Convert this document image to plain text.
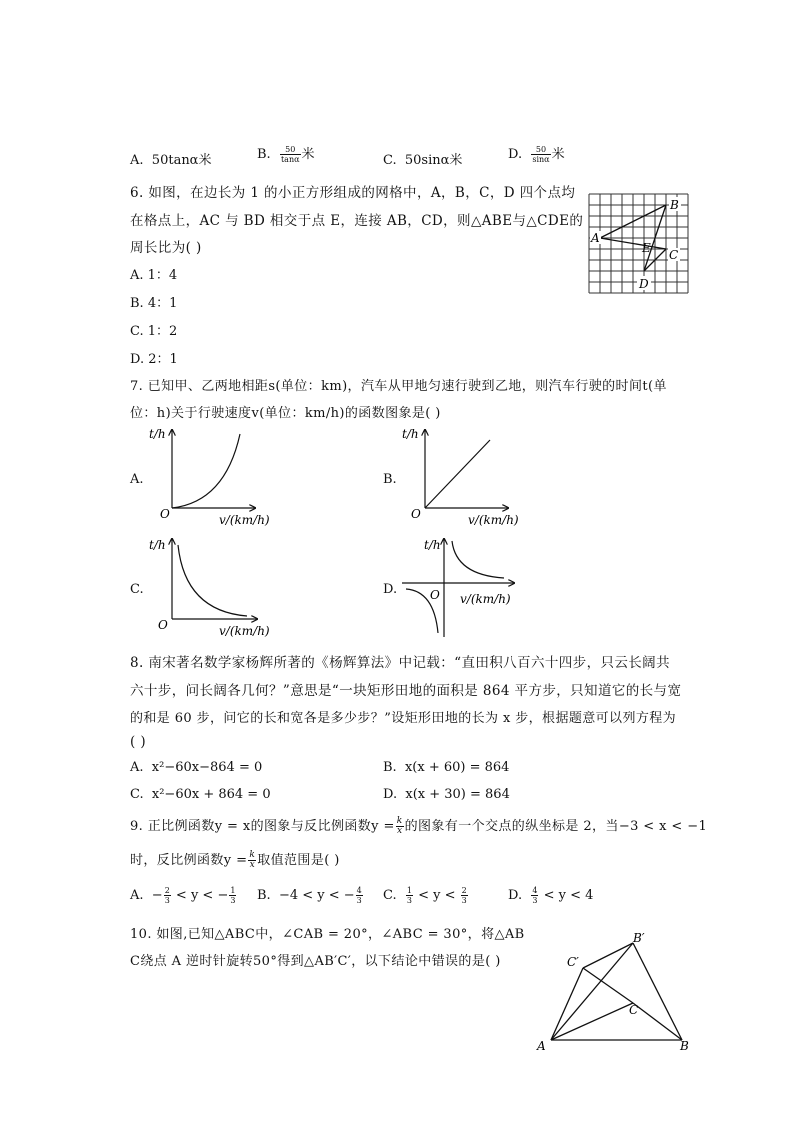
A. 50tanα米	B. $\frac{50}{\tan\alpha}$ 米	C. 50sinα米	D. $\frac{50}{\sin\alpha}$ 米
6. 如图，在边长为 1 的小正方形组成的网格中，A，B，C，D 四个点均
在格点上，AC 与 BD 相交于点 E，连接 AB，CD，则△ABE与△CDE的
周长比为( )
A. 1：4
B. 4：1
C. 1：2
D. 2：1
B
A
E C
D
7. 已知甲、乙两地相距s(单位：km)，汽车从甲地匀速行驶到乙地，则汽车行驶的时间t(单
位：h)关于行驶速度v(单位：km/h)的函数图象是( )
A.
t/h
O	v/(km/h)
B.
t/h
O	v/(km/h)
C.
t/h
O	v/(km/h)
D.
t/h
O v/(km/h)
8. 南宋著名数学家杨辉所著的《杨辉算法》中记载：“直田积八百六十四步，只云长阔共
六十步，问长阔各几何？”意思是“一块矩形田地的面积是 864 平方步，只知道它的长与宽
的和是 60 步，问它的长和宽各是多少步？”设矩形田地的长为 x 步，根据题意可以列方程为
( )
A. x²−60x−864 = 0	B. x(x + 60) = 864
C. x²−60x + 864 = 0	D. x(x + 30) = 864
9. 正比例函数y = x的图象与反比例函数$y = \frac{k}{x}$ 的图象有一个交点的纵坐标是 2，当−3 < x < −1
时，反比例函数$y = \frac{k}{x}$ 取值范围是( )
A. − $\frac{2}{3} < y$ < − $\frac{1}{3} B$. −4 < y < − $\frac{4}{3} C$. $\frac{1}{3} < y < \frac{2}{3}$	D. $\frac{4}{3} < y < 4$
10. 如图,已知△ABC中，∠CAB = 20°，∠ABC = 30°，将△AB
C绕点 A 逆时针旋转50°得到△AB′C′，以下结论中错误的是( )
A	B
C
B′
C′
